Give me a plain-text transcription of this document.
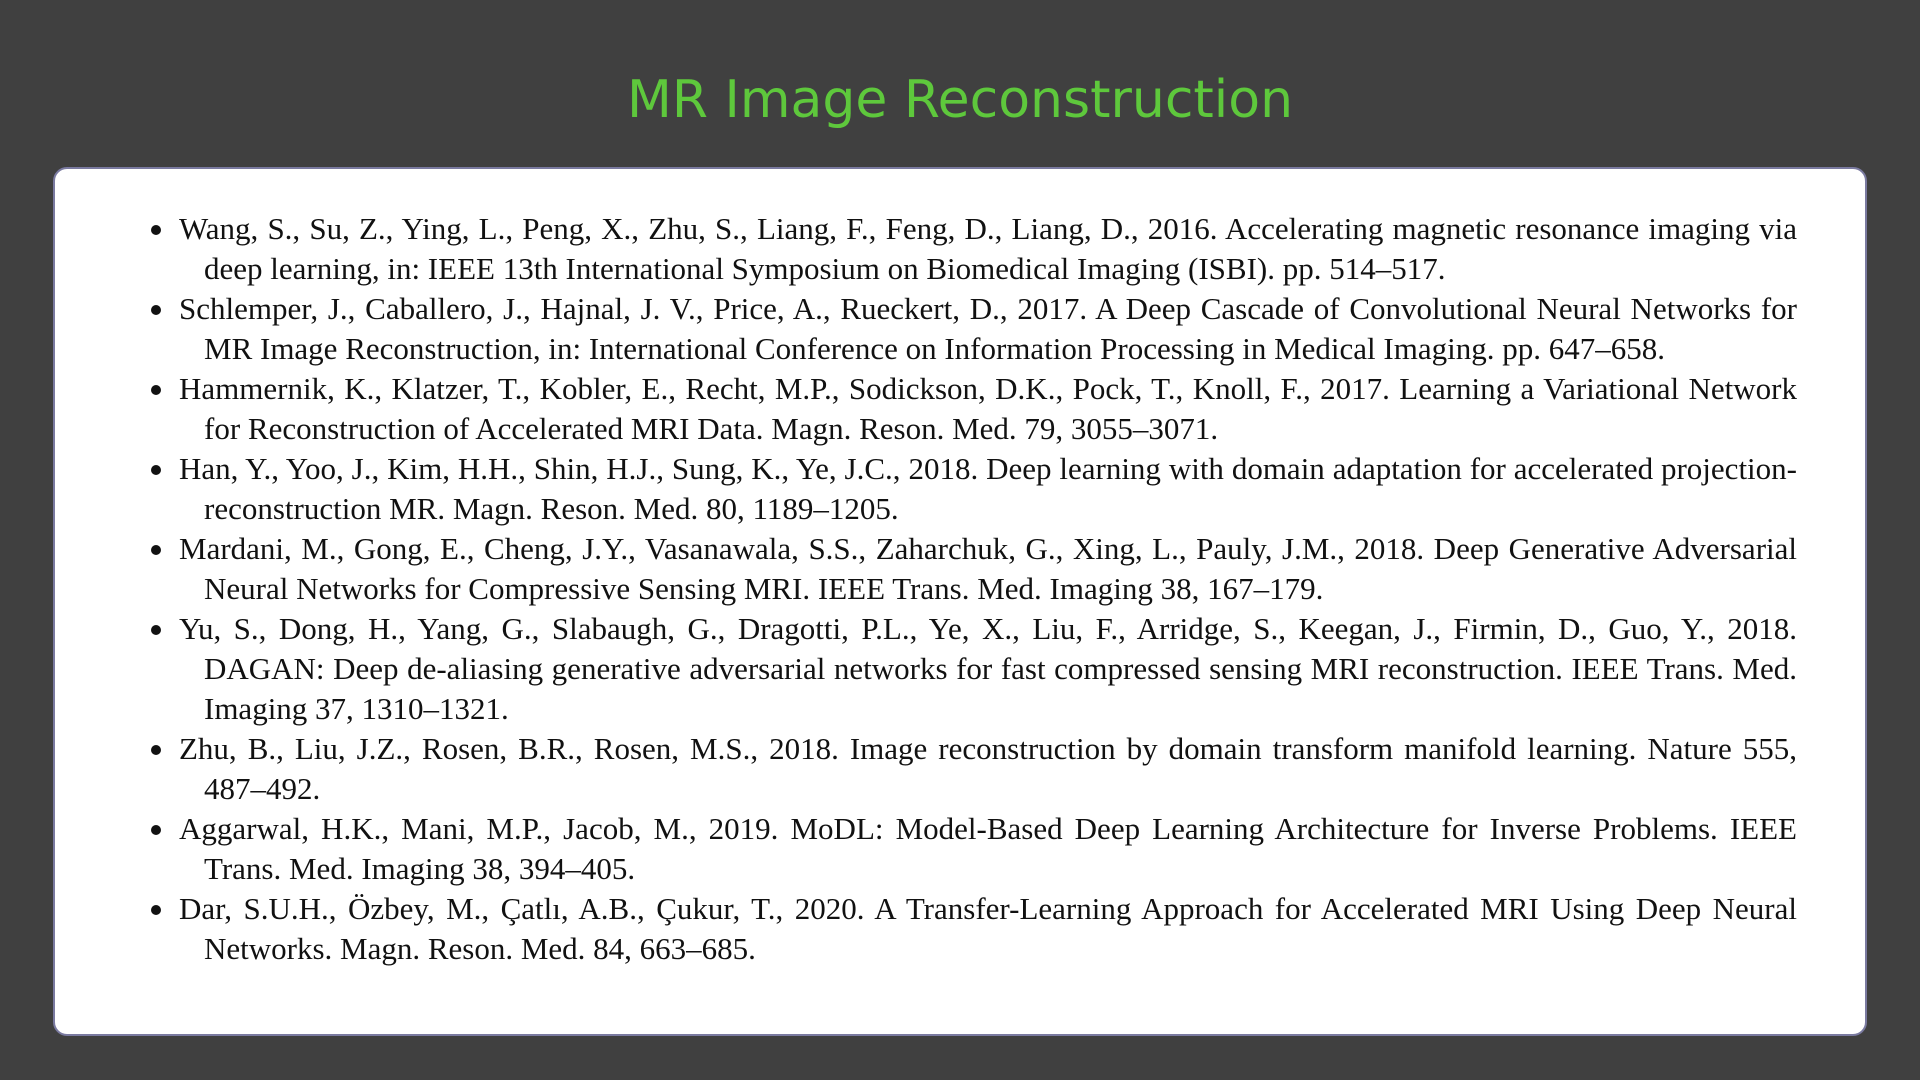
MR Image Reconstruction
Wang, S., Su, Z., Ying, L., Peng, X., Zhu, S., Liang, F., Feng, D., Liang, D., 2016. Accelerating magnetic resonance imaging via deep learning, in: IEEE 13th International Symposium on Biomedical Imaging (ISBI). pp. 514–517.
Schlemper, J., Caballero, J., Hajnal, J. V., Price, A., Rueckert, D., 2017. A Deep Cascade of Convolutional Neural Networks for MR Image Reconstruction, in: International Conference on Information Processing in Medical Imaging. pp. 647–658.
Hammernik, K., Klatzer, T., Kobler, E., Recht, M.P., Sodickson, D.K., Pock, T., Knoll, F., 2017. Learning a Variational Network for Reconstruction of Accelerated MRI Data. Magn. Reson. Med. 79, 3055–3071.
Han, Y., Yoo, J., Kim, H.H., Shin, H.J., Sung, K., Ye, J.C., 2018. Deep learning with domain adaptation for accelerated projection-reconstruction MR. Magn. Reson. Med. 80, 1189–1205.
Mardani, M., Gong, E., Cheng, J.Y., Vasanawala, S.S., Zaharchuk, G., Xing, L., Pauly, J.M., 2018. Deep Generative Adversarial Neural Networks for Compressive Sensing MRI. IEEE Trans. Med. Imaging 38, 167–179.
Yu, S., Dong, H., Yang, G., Slabaugh, G., Dragotti, P.L., Ye, X., Liu, F., Arridge, S., Keegan, J., Firmin, D., Guo, Y., 2018. DAGAN: Deep de-aliasing generative adversarial networks for fast compressed sensing MRI reconstruction. IEEE Trans. Med. Imaging 37, 1310–1321.
Zhu, B., Liu, J.Z., Rosen, B.R., Rosen, M.S., 2018. Image reconstruction by domain transform manifold learning. Nature 555, 487–492.
Aggarwal, H.K., Mani, M.P., Jacob, M., 2019. MoDL: Model-Based Deep Learning Architecture for Inverse Problems. IEEE Trans. Med. Imaging 38, 394–405.
Dar, S.U.H., Özbey, M., Çatlı, A.B., Çukur, T., 2020. A Transfer-Learning Approach for Accelerated MRI Using Deep Neural Networks. Magn. Reson. Med. 84, 663–685.
